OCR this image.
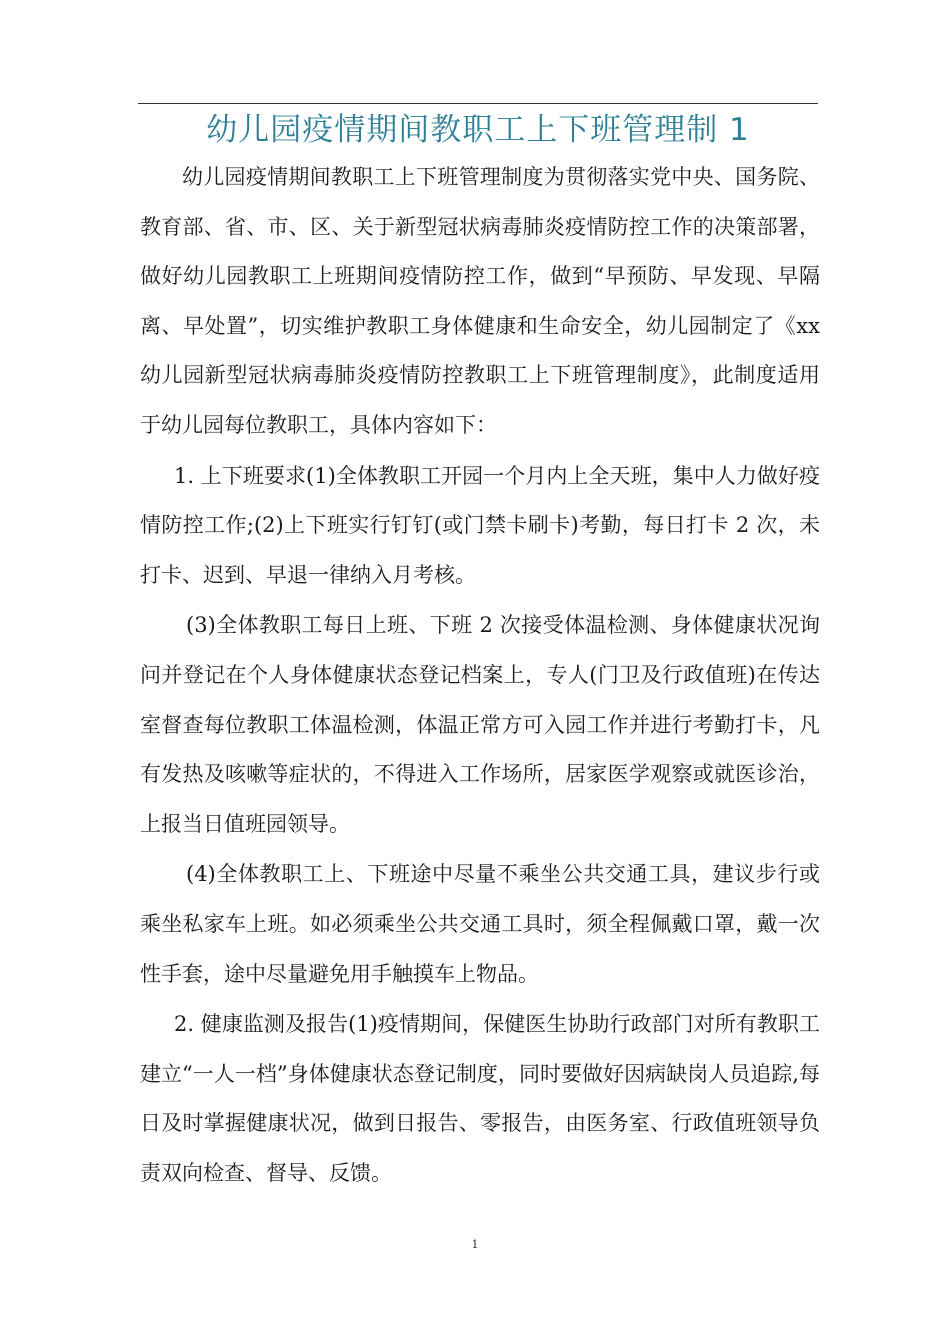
幼儿园疫情期间教职工上下班管理制 1

幼儿园疫情期间教职工上下班管理制度为贯彻落实党中央、国务院、教育部、省、市、区、关于新型冠状病毒肺炎疫情防控工作的决策部署，做好幼儿园教职工上班期间疫情防控工作，做到“早预防、早发现、早隔离、早处置”，切实维护教职工身体健康和生命安全，幼儿园制定了《xx幼儿园新型冠状病毒肺炎疫情防控教职工上下班管理制度》，此制度适用于幼儿园每位教职工，具体内容如下：

1. 上下班要求(1)全体教职工开园一个月内上全天班，集中人力做好疫情防控工作;(2)上下班实行钉钉(或门禁卡刷卡)考勤，每日打卡 2 次，未打卡、迟到、早退一律纳入月考核。

(3)全体教职工每日上班、下班 2 次接受体温检测、身体健康状况询问并登记在个人身体健康状态登记档案上，专人(门卫及行政值班)在传达室督查每位教职工体温检测，体温正常方可入园工作并进行考勤打卡，凡有发热及咳嗽等症状的，不得进入工作场所，居家医学观察或就医诊治，上报当日值班园领导。

(4)全体教职工上、下班途中尽量不乘坐公共交通工具，建议步行或乘坐私家车上班。如必须乘坐公共交通工具时，须全程佩戴口罩，戴一次性手套，途中尽量避免用手触摸车上物品。

2. 健康监测及报告(1)疫情期间，保健医生协助行政部门对所有教职工建立“一人一档”身体健康状态登记制度，同时要做好因病缺岗人员追踪,每日及时掌握健康状况，做到日报告、零报告，由医务室、行政值班领导负责双向检查、督导、反馈。

1
